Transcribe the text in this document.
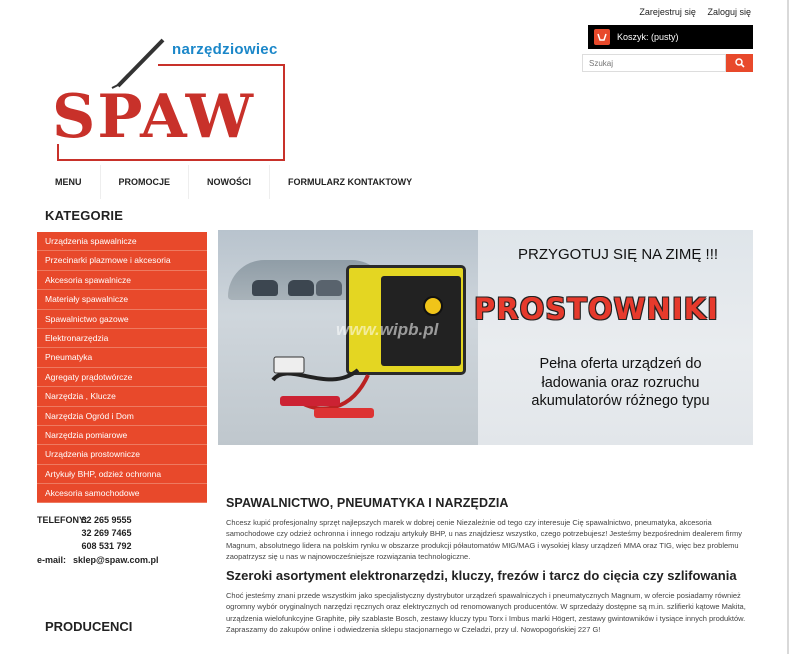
Zarejestruj się Zaloguj się
Koszyk: (pusty)
Szukaj
narzędziowiec
SPAW
MENU	PROMOCJE	NOWOŚCI	FORMULARZ KONTAKTOWY
KATEGORIE
Urządzenia spawalnicze
Przecinarki plazmowe i akcesoria
Akcesoria spawalnicze
Materiały spawalnicze
Spawalnictwo gazowe
Elektronarzędzia
Pneumatyka
Agregaty prądotwórcze
Narzędzia , Klucze
Narzędzia Ogród i Dom
Narzędzia pomiarowe
Urządzenia prostownicze
Artykuły BHP, odzież ochronna
Akcesoria samochodowe
TELEFONY:

32 265 9555

32 269 7465

608 531 792
e-mail:
sklep@spaw.com.pl
PRODUCENCI
www.wipb.pl
PRZYGOTUJ SIĘ NA ZIMĘ !!!
PROSTOWNIKI
Pełna oferta urządzeń do ładowania oraz rozruchu akumulatorów różnego typu
SPAWALNICTWO, PNEUMATYKA I NARZĘDZIA

Chcesz kupić profesjonalny sprzęt najlepszych marek w dobrej cenie Niezależnie od tego czy interesuje Cię spawalnictwo, pneumatyka, akcesoria samochodowe czy odzież ochronna i innego rodzaju artykuły BHP, u nas znajdziesz wszystko, czego potrzebujesz! Jesteśmy bezpośrednim dealerem firmy Magnum, absolutnego lidera na polskim rynku w obszarze produkcji półautomatów MIG/MAG i wysokiej klasy urządzeń MMA oraz TIG, więc bez problemu zaopatrzysz się u nas w najnowocześniejsze rozwiązania technologiczne.

Szeroki asortyment elektronarzędzi, kluczy, frezów i tarcz do cięcia czy szlifowania

Choć jesteśmy znani przede wszystkim jako specjalistyczny dystrybutor urządzeń spawalniczych i pneumatycznych Magnum, w ofercie posiadamy również ogromny wybór oryginalnych narzędzi ręcznych oraz elektrycznych od renomowanych producentów. W sprzedaży dostępne są m.in. szlifierki kątowe Makita, urządzenia wielofunkcyjne Graphite, piły szablaste Bosch, zestawy kluczy typu Torx i Imbus marki Högert, zestawy gwintowników i tysiące innych produktów.

Zapraszamy do zakupów online i odwiedzenia sklepu stacjonarnego w Czeladzi, przy ul. Nowopogońskiej 227 G!
